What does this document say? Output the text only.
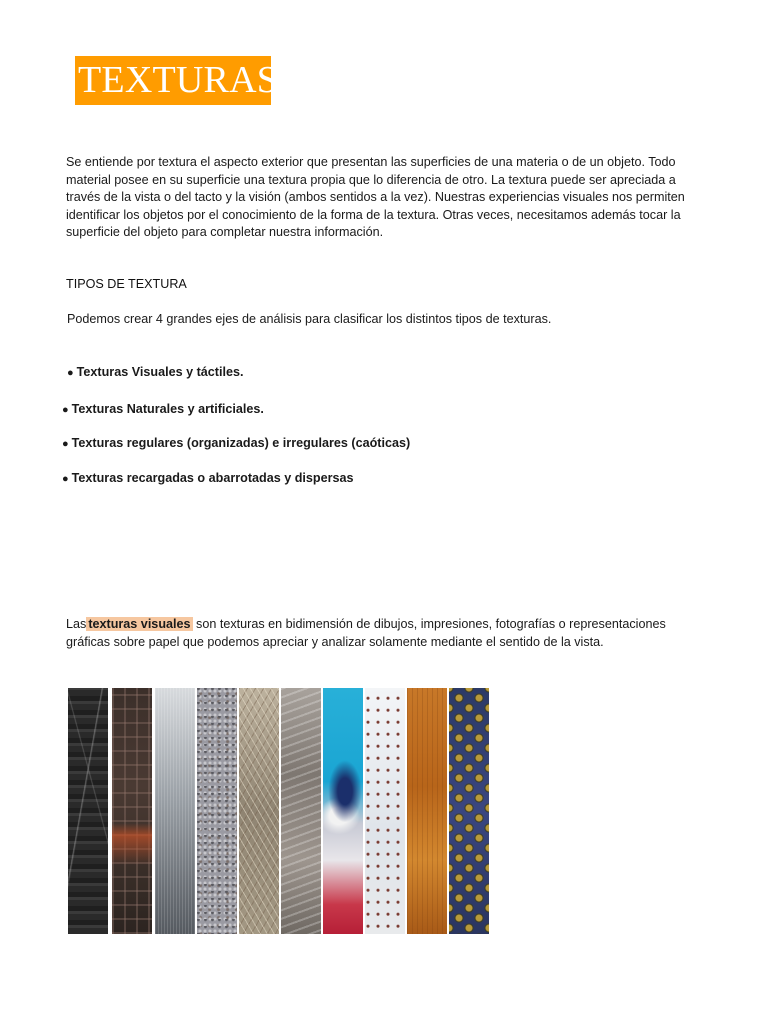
TEXTURAS

Se entiende por textura el aspecto exterior que presentan las superficies de una materia o de un objeto. Todo material posee en su superficie una textura propia que lo diferencia de otro. La textura puede ser apreciada a través de la vista o del tacto y la visión (ambos sentidos a la vez). Nuestras experiencias visuales nos permiten identificar los objetos por el conocimiento de la forma de la textura. Otras veces, necesitamos además tocar la superficie del objeto para completar nuestra información.

TIPOS DE TEXTURA

Podemos crear 4 grandes ejes de análisis para clasificar los distintos tipos de texturas.

● Texturas Visuales y táctiles.
● Texturas Naturales y artificiales.
● Texturas regulares (organizadas) e irregulares (caóticas)
● Texturas recargadas o abarrotadas y dispersas

Las texturas visuales son texturas en bidimensión de dibujos, impresiones, fotografías o representaciones gráficas sobre papel que podemos apreciar y analizar solamente mediante el sentido de la vista.
